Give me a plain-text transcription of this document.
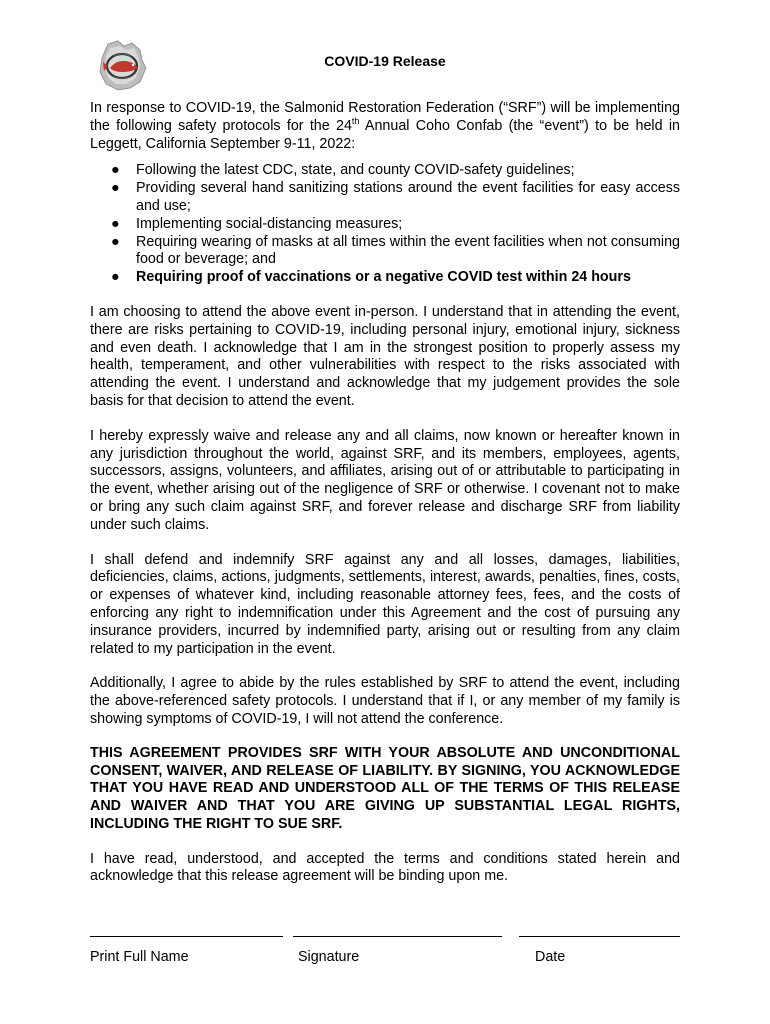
COVID-19 Release

In response to COVID-19, the Salmonid Restoration Federation (“SRF”) will be implementing the following safety protocols for the 24th Annual Coho Confab (the “event”) to be held in Leggett, California September 9-11, 2022:

● Following the latest CDC, state, and county COVID-safety guidelines;
● Providing several hand sanitizing stations around the event facilities for easy access and use;
● Implementing social-distancing measures;
● Requiring wearing of masks at all times within the event facilities when not consuming food or beverage; and
● Requiring proof of vaccinations or a negative COVID test within 24 hours

I am choosing to attend the above event in-person. I understand that in attending the event, there are risks pertaining to COVID-19, including personal injury, emotional injury, sickness and even death. I acknowledge that I am in the strongest position to properly assess my health, temperament, and other vulnerabilities with respect to the risks associated with attending the event. I understand and acknowledge that my judgement provides the sole basis for that decision to attend the event.

I hereby expressly waive and release any and all claims, now known or hereafter known in any jurisdiction throughout the world, against SRF, and its members, employees, agents, successors, assigns, volunteers, and affiliates, arising out of or attributable to participating in the event, whether arising out of the negligence of SRF or otherwise. I covenant not to make or bring any such claim against SRF, and forever release and discharge SRF from liability under such claims.

I shall defend and indemnify SRF against any and all losses, damages, liabilities, deficiencies, claims, actions, judgments, settlements, interest, awards, penalties, fines, costs, or expenses of whatever kind, including reasonable attorney fees, fees, and the costs of enforcing any right to indemnification under this Agreement and the cost of pursuing any insurance providers, incurred by indemnified party, arising out or resulting from any claim related to my participation in the event.

Additionally, I agree to abide by the rules established by SRF to attend the event, including the above-referenced safety protocols. I understand that if I, or any member of my family is showing symptoms of COVID-19, I will not attend the conference.

THIS AGREEMENT PROVIDES SRF WITH YOUR ABSOLUTE AND UNCONDITIONAL CONSENT, WAIVER, AND RELEASE OF LIABILITY. BY SIGNING, YOU ACKNOWLEDGE THAT YOU HAVE READ AND UNDERSTOOD ALL OF THE TERMS OF THIS RELEASE AND WAIVER AND THAT YOU ARE GIVING UP SUBSTANTIAL LEGAL RIGHTS, INCLUDING THE RIGHT TO SUE SRF.

I have read, understood, and accepted the terms and conditions stated herein and acknowledge that this release agreement will be binding upon me.

Print Full Name	Signature	Date
